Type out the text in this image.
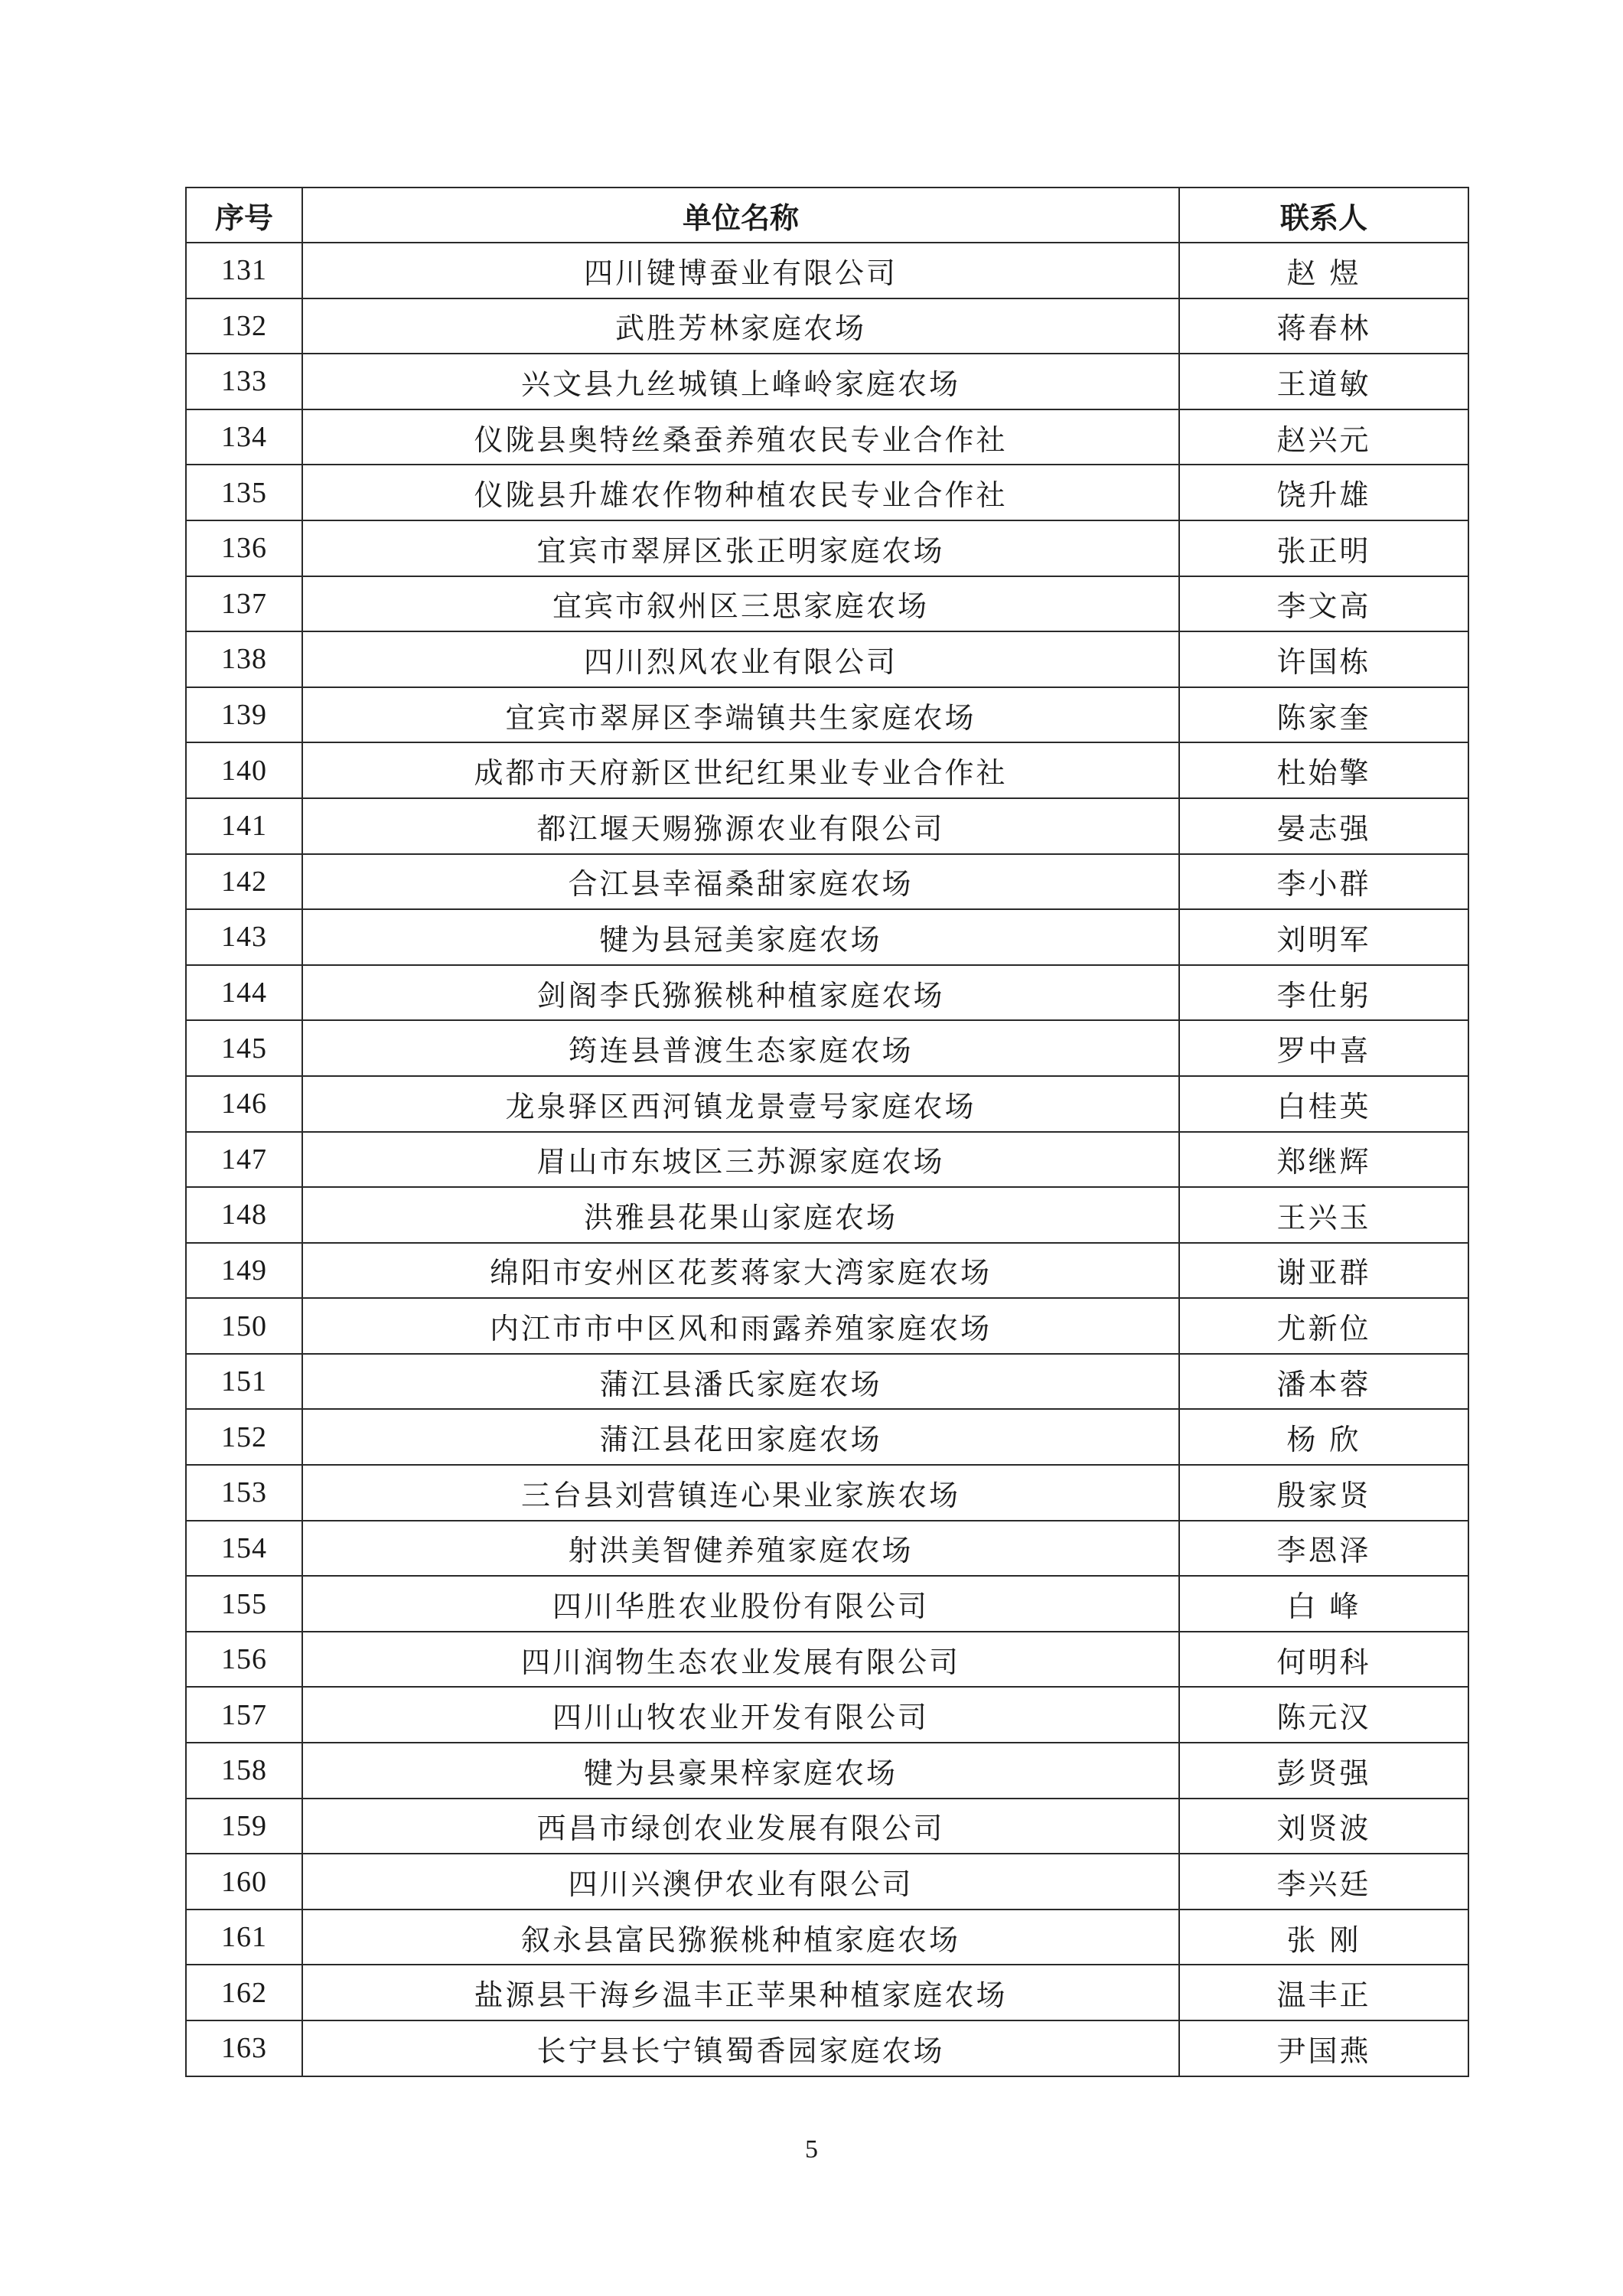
序号	单位名称	联系人
131	四川键博蚕业有限公司	赵 煜
132	武胜芳林家庭农场	蒋春林
133	兴文县九丝城镇上峰岭家庭农场	王道敏
134	仪陇县奥特丝桑蚕养殖农民专业合作社	赵兴元
135	仪陇县升雄农作物种植农民专业合作社	饶升雄
136	宜宾市翠屏区张正明家庭农场	张正明
137	宜宾市叙州区三思家庭农场	李文高
138	四川烈风农业有限公司	许国栋
139	宜宾市翠屏区李端镇共生家庭农场	陈家奎
140	成都市天府新区世纪红果业专业合作社	杜始擎
141	都江堰天赐猕源农业有限公司	晏志强
142	合江县幸福桑甜家庭农场	李小群
143	犍为县冠美家庭农场	刘明军
144	剑阁李氏猕猴桃种植家庭农场	李仕躬
145	筠连县普渡生态家庭农场	罗中喜
146	龙泉驿区西河镇龙景壹号家庭农场	白桂英
147	眉山市东坡区三苏源家庭农场	郑继辉
148	洪雅县花果山家庭农场	王兴玉
149	绵阳市安州区花荄蒋家大湾家庭农场	谢亚群
150	内江市市中区风和雨露养殖家庭农场	尤新位
151	蒲江县潘氏家庭农场	潘本蓉
152	蒲江县花田家庭农场	杨 欣
153	三台县刘营镇连心果业家族农场	殷家贤
154	射洪美智健养殖家庭农场	李恩泽
155	四川华胜农业股份有限公司	白 峰
156	四川润物生态农业发展有限公司	何明科
157	四川山牧农业开发有限公司	陈元汉
158	犍为县豪果梓家庭农场	彭贤强
159	西昌市绿创农业发展有限公司	刘贤波
160	四川兴澳伊农业有限公司	李兴廷
161	叙永县富民猕猴桃种植家庭农场	张 刚
162	盐源县干海乡温丰正苹果种植家庭农场	温丰正
163	长宁县长宁镇蜀香园家庭农场	尹国燕
5
